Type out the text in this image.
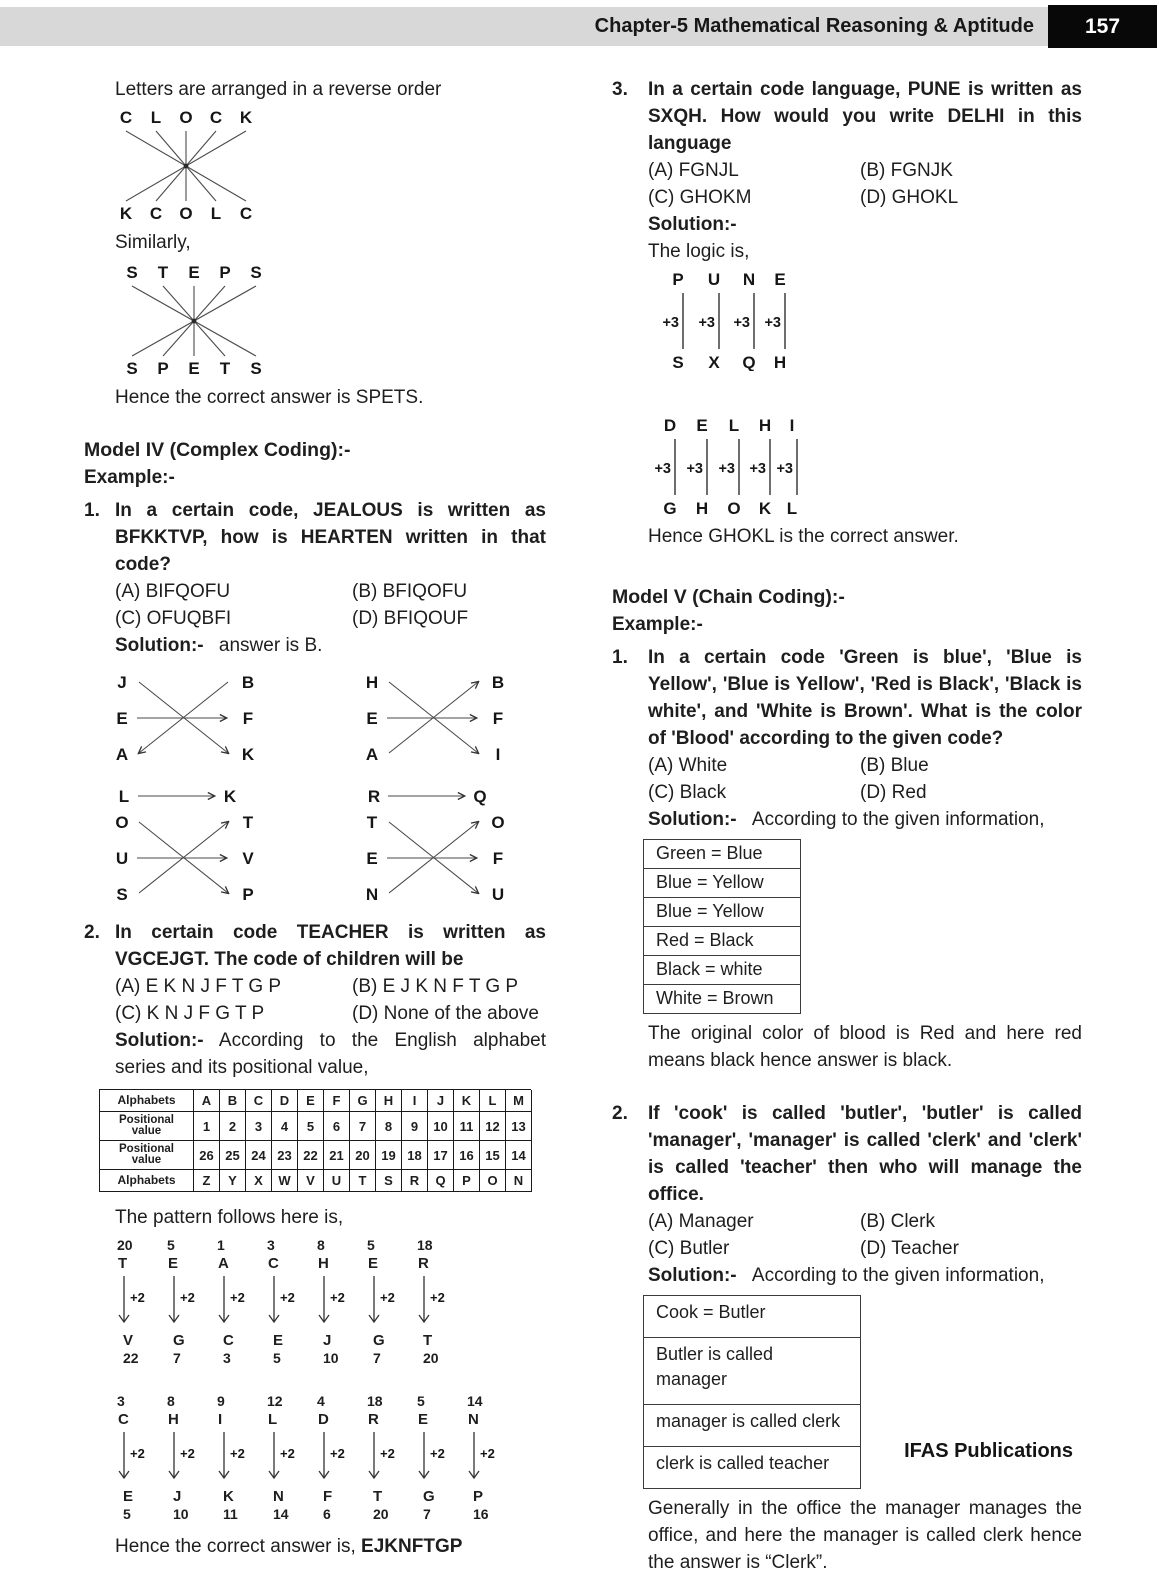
Chapter-5 Mathematical Reasoning & Aptitude	157
Letters are arranged in a reverse order
C L O C K
K C O L C
Similarly,
S T E P S
S P E T S
Hence the correct answer is SPETS.
Model IV (Complex Coding):-
Example:-
1. In a certain code, JEALOUS is written as BFKKTVP, how is HEARTEN written in that code?
(A) BIFQOFU	(B) BFIQOFU
(C) OFUQBFI	(D) BFIQOUF
Solution:- answer is B.
J
E
A
B
F
K
H
E
A
B
F
I
L	K	R	Q
O
U
S
T
V
P
T
E
N
O
F
U
2. In certain code TEACHER is written as VGCEJGT. The code of children will be
(A) E K N J F T G P	(B) E J K N F T G P
(C) K N J F G T P	(D) None of the above
Solution:- According to the English alphabet series and its positional value,
Alphabets	A	B	C	D	E	F	G	H	I	J	K	L	M
Positional value	1	2	3	4	5	6	7	8	9	10 11 12 13
Positional value	26 25 24 23 22 21 20 19 18 17 16 15 14
Alphabets	Z	Y	X	W	V	U	T	S	R	Q	P	O	N
The pattern follows here is,
20
T
+2
V
22
5
E
+2
G
7
1
A
+2
C
3
3
C
+2
E
5
8
H
+2
J
10
5
E
+2
G
7
18
R
+2
T
20
3
C
+2
E
5
8
H
+2
J
10
9
I
+2
K
11
12
L
+2
N
14
4
D
+2
F
6
18
R
+2
T
20
5
E
+2
G
7
14
N
+2
P
16
Hence the correct answer is, EJKNFTGP
3. In a certain code language, PUNE is written as SXQH. How would you write DELHI in this language
(A) FGNJL	(B) FGNJK
(C) GHOKM	(D) GHOKL
Solution:-
The logic is,
P U N E
+3 +3 +3 +3
S X Q H
D E L H I
+3 +3 +3 +3 +3
G H O K L
Hence GHOKL is the correct answer.
Model V (Chain Coding):-
Example:-
1. In a certain code 'Green is blue', 'Blue is Yellow', 'Blue is Yellow', 'Red is Black', 'Black is white', and 'White is Brown'. What is the color of 'Blood' according to the given code?
(A) White	(B) Blue
(C) Black	(D) Red
Solution:- According to the given information,
Green = Blue
Blue = Yellow
Blue = Yellow
Red = Black
Black = white
White = Brown
The original color of blood is Red and here red means black hence answer is black.
2. If 'cook' is called 'butler', 'butler' is called 'manager', 'manager' is called 'clerk' and 'clerk' is called 'teacher' then who will manage the office.
(A) Manager	(B) Clerk
(C) Butler	(D) Teacher
Solution:- According to the given information,
Cook = Butler
Butler is called manager
manager is called clerk
clerk is called teacher
Generally in the office the manager manages the office, and here the manager is called clerk hence the answer is “Clerk”.
IFAS Publications
